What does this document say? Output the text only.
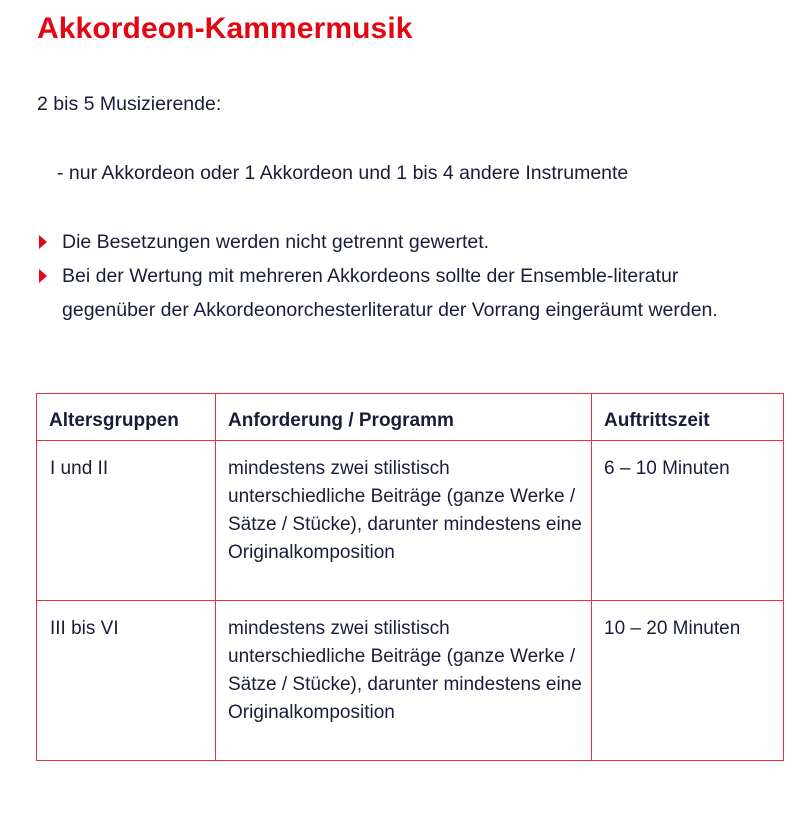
Akkordeon-Kammermusik

2 bis 5 Musizierende:

- nur Akkordeon oder 1 Akkordeon und 1 bis 4 andere Instrumente

Die Besetzungen werden nicht getrennt gewertet.
Bei der Wertung mit mehreren Akkordeons sollte der Ensemble-literatur gegenüber der Akkordeonorchesterliteratur der Vorrang eingeräumt werden.
Altersgruppen	Anforderung / Programm	Auftrittszeit

I und II	mindestens zwei stilistisch unterschiedliche Beiträge (ganze Werke / Sätze / Stücke), darunter mindestens eine Originalkomposition	6 – 10 Minuten

III bis VI	mindestens zwei stilistisch unterschiedliche Beiträge (ganze Werke / Sätze / Stücke), darunter mindestens eine Originalkomposition	10 – 20 Minuten
